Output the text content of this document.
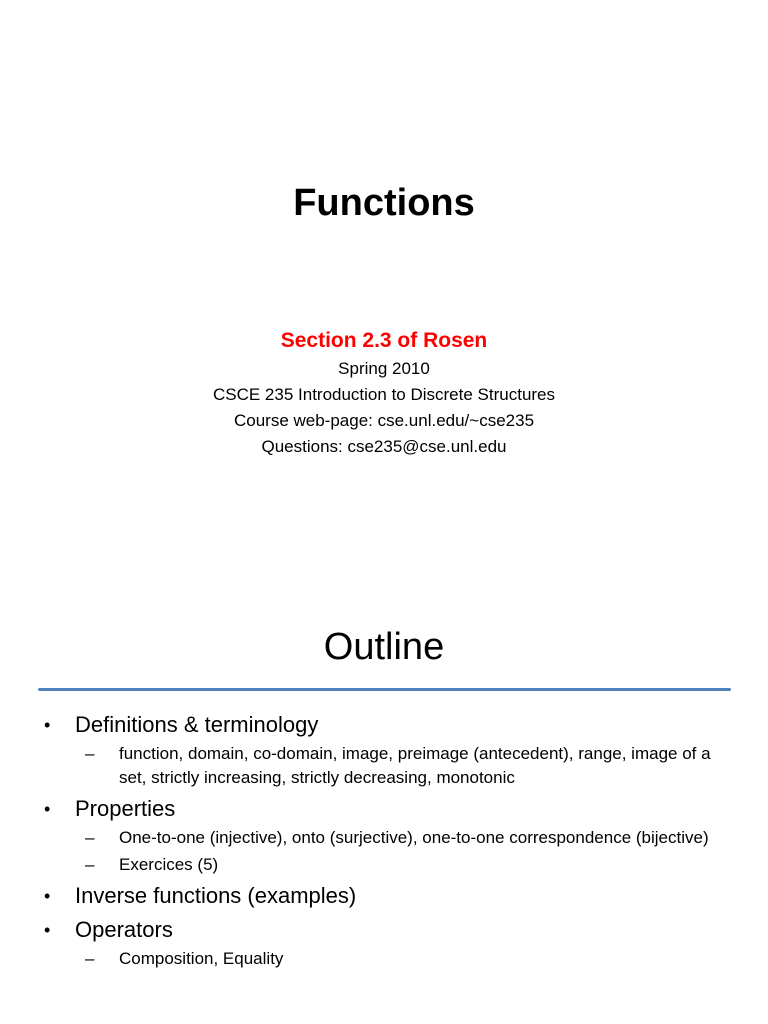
Functions
Section 2.3 of Rosen
Spring 2010
CSCE 235 Introduction to Discrete Structures
Course web-page: cse.unl.edu/~cse235
Questions: cse235@cse.unl.edu
Outline
• Definitions & terminology
– function, domain, co-domain, image, preimage (antecedent), range, image of a set, strictly increasing, strictly decreasing, monotonic
• Properties
– One-to-one (injective), onto (surjective), one-to-one correspondence (bijective)
– Exercices (5)
• Inverse functions (examples)
• Operators
– Composition, Equality
